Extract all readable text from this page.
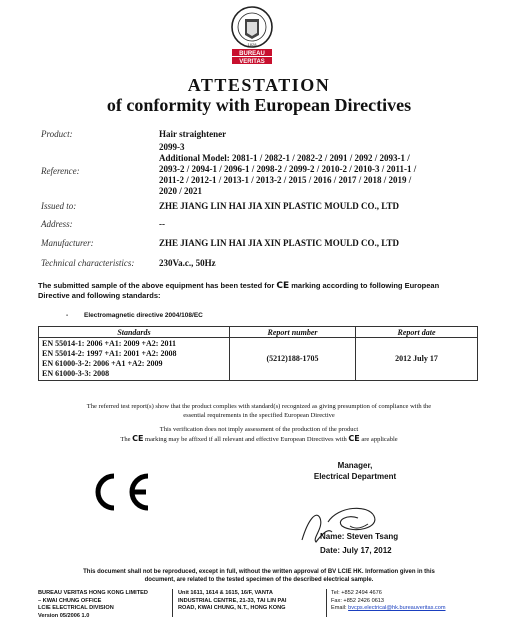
BUREAU
VERITAS
1828
ATTESTATION
of conformity with European Directives
Product:	Hair straightener
Reference:
2099-3
Additional Model: 2081-1 / 2082-1 / 2082-2 / 2091 / 2092 / 2093-1 /
2093-2 / 2094-1 / 2096-1 / 2098-2 / 2099-2 / 2010-2 / 2010-3 / 2011-1 /
2011-2 / 2012-1 / 2013-1 / 2013-2 / 2015 / 2016 / 2017 / 2018 / 2019 /
2020 / 2021
Issued to:	ZHE JIANG LIN HAI JIA XIN PLASTIC MOULD CO., LTD
Address:	--
Manufacturer:	ZHE JIANG LIN HAI JIA XIN PLASTIC MOULD CO., LTD
Technical characteristics:	230Va.c., 50Hz
The submitted sample of the above equipment has been tested for CE marking according to following European
Directive and following standards:
- Electromagnetic directive 2004/108/EC
Standards	Report number	Report date

EN 55014-1: 2006 +A1: 2009 +A2: 2011
EN 55014-2: 1997 +A1: 2001 +A2: 2008
EN 61000-3-2: 2006 +A1 +A2: 2009
EN 61000-3-3: 2008	(5212)188-1705	2012 July 17
The referred test report(s) show that the product complies with standard(s) recognized as giving presumption of compliance with the
essential requirements in the specified European Directive
This verification does not imply assessment of the production of the product
The CE marking may be affixed if all relevant and effective European Directives with CE are applicable
Manager,
Electrical Department
Name: Steven Tsang
Date: July 17, 2012
This document shall not be reproduced, except in full, without the written approval of BV LCIE HK. Information given in this
document, are related to the tested specimen of the described electrical sample.
BUREAU VERITAS HONG KONG LIMITED
– KWAI CHUNG OFFICE
LCIE ELECTRICAL DIVISION
Version 05/2006 1.0
Unit 1611, 1614 & 1615, 16/F, VANTA
INDUSTRIAL CENTRE, 21-33, TAI LIN PAI
ROAD, KWAI CHUNG, N.T., HONG KONG
Tel: +852 2494 4676
Fax: +852 2426 0613
Email: bvcps.electrical@hk.bureauveritas.com
